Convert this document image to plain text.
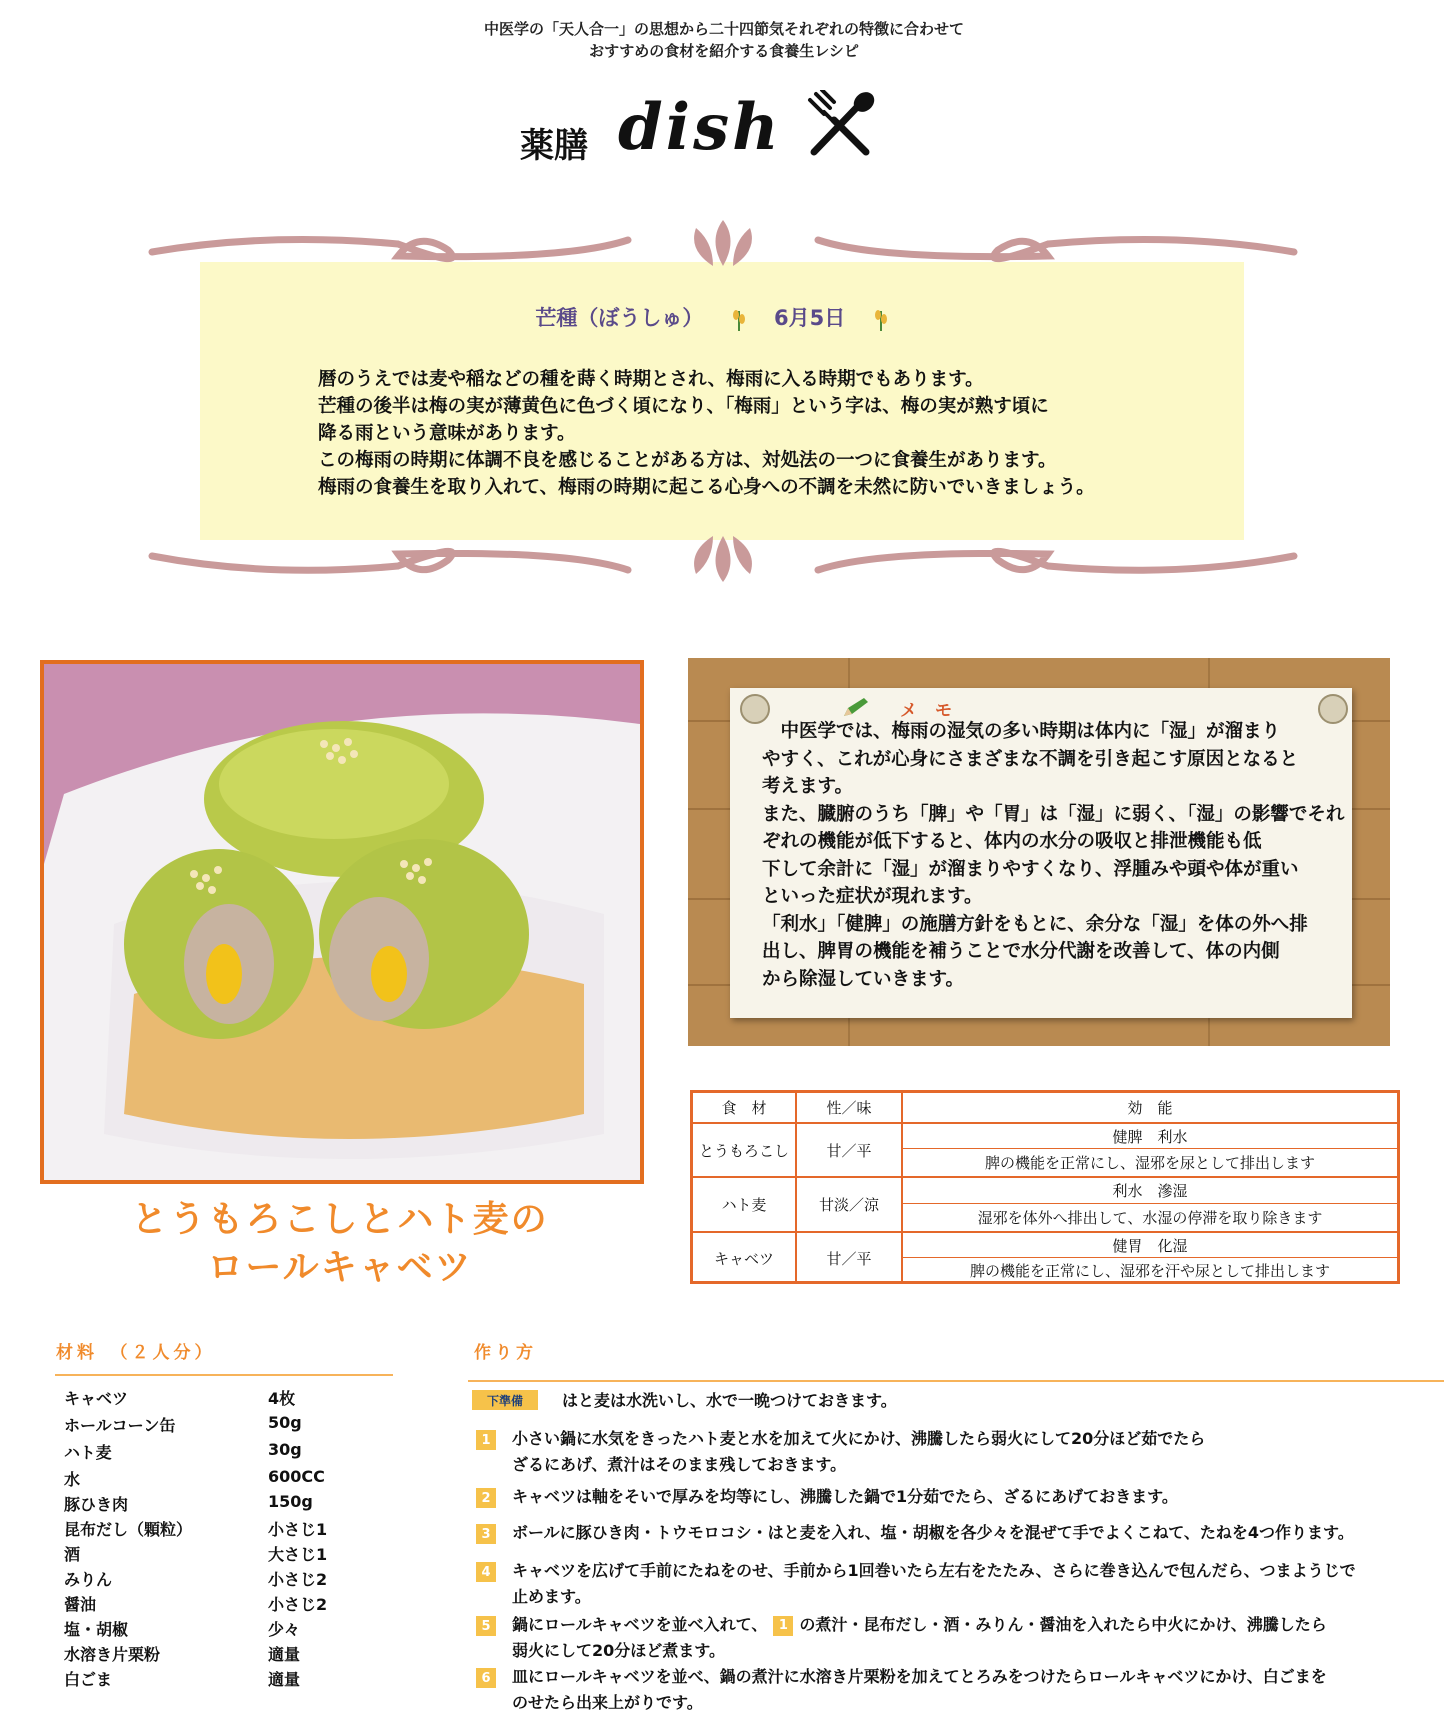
中医学の「天人合一」の思想から二十四節気それぞれの特徴に合わせて
おすすめの食材を紹介する食養生レシピ
薬膳 dish
芒種（ぼうしゅ）	6月5日
暦のうえでは麦や稲などの種を蒔く時期とされ、梅雨に入る時期でもあります。
芒種の後半は梅の実が薄黄色に色づく頃になり、「梅雨」という字は、梅の実が熟す頃に
降る雨という意味があります。
この梅雨の時期に体調不良を感じることがある方は、対処法の一つに食養生があります。
梅雨の食養生を取り入れて、梅雨の時期に起こる心身への不調を未然に防いでいきましょう。
とうもろこしとハト麦の
ロールキャベツ
メモ
　中医学では、梅雨の湿気の多い時期は体内に「湿」が溜まり
やすく、これが心身にさまざまな不調を引き起こす原因となると
考えます。
また、臓腑のうち「脾」や「胃」は「湿」に弱く、「湿」の影響でそれ
ぞれの機能が低下すると、体内の水分の吸収と排泄機能も低
下して余計に「湿」が溜まりやすくなり、浮腫みや頭や体が重い
といった症状が現れます。
「利水」「健脾」の施膳方針をもとに、余分な「湿」を体の外へ排
出し、脾胃の機能を補うことで水分代謝を改善して、体の内側
から除湿していきます。
食　材	性／味	効　能
とうもろこし	甘／平
健脾　利水
脾の機能を正常にし、湿邪を尿として排出します
ハト麦	甘淡／涼
利水　滲湿
湿邪を体外へ排出して、水湿の停滞を取り除きます
キャベツ	甘／平
健胃　化湿
脾の機能を正常にし、湿邪を汗や尿として排出します
材料　（２人分）
キャベツ	4枚
ホールコーン缶	50g
ハト麦	30g
水	600CC
豚ひき肉	150g
昆布だし（顆粒）	小さじ1
酒	大さじ1
みりん	小さじ2
醤油	小さじ2
塩・胡椒	少々
水溶き片栗粉	適量
白ごま	適量
作り方
下準備	はと麦は水洗いし、水で一晩つけておきます。
1	小さい鍋に水気をきったハト麦と水を加えて火にかけ、沸騰したら弱火にして20分ほど茹でたら
ざるにあげ、煮汁はそのまま残しておきます。
2	キャベツは軸をそいで厚みを均等にし、沸騰した鍋で1分茹でたら、ざるにあげておきます。
3	ボールに豚ひき肉・トウモロコシ・はと麦を入れ、塩・胡椒を各少々を混ぜて手でよくこねて、たねを4つ作ります。
4	キャベツを広げて手前にたねをのせ、手前から1回巻いたら左右をたたみ、さらに巻き込んで包んだら、つまようじで
止めます。
5	鍋にロールキャベツを並べ入れて、 1 の煮汁・昆布だし・酒・みりん・醤油を入れたら中火にかけ、沸騰したら
弱火にして20分ほど煮ます。
6	皿にロールキャベツを並べ、鍋の煮汁に水溶き片栗粉を加えてとろみをつけたらロールキャベツにかけ、白ごまを
のせたら出来上がりです。
